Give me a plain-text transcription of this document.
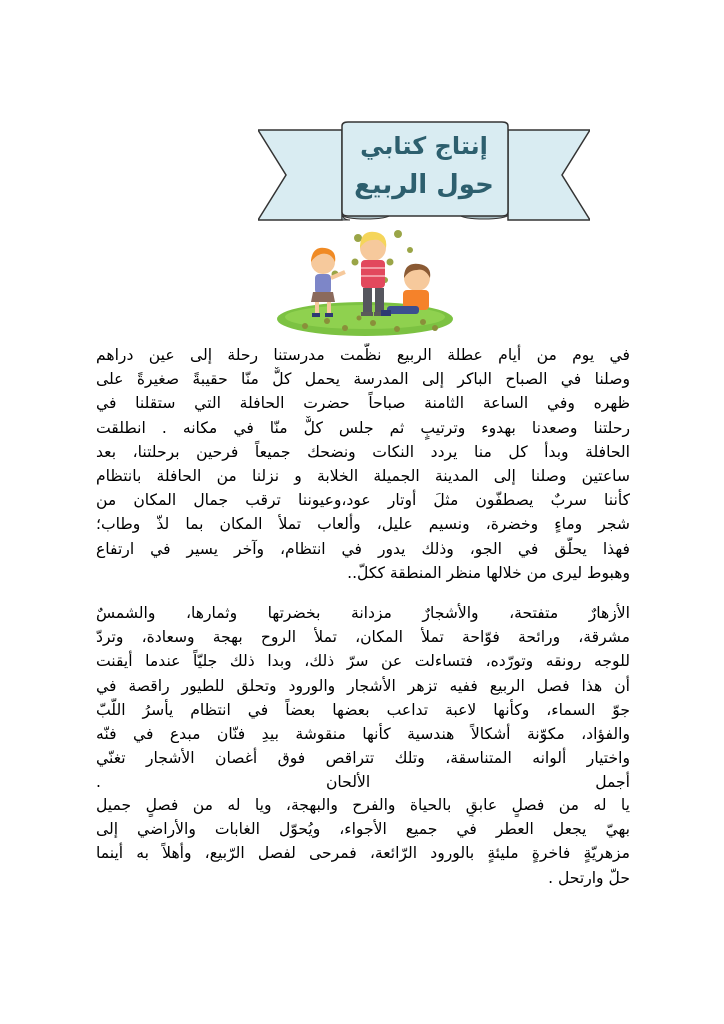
إنتاج كتابي
حول الربيع
في يوم من أيام عطلة الربيع نظّمت مدرستنا رحلة إلى عين دراهم
وصلنا في الصباح الباكر إلى المدرسة يحمل كلٌّ منّا حقيبةً صغيرةً على
ظهره وفي الساعة الثامنة صباحاً حضرت الحافلة التي ستقلنا في
رحلتنا وصعدنا بهدوء وترتيبٍ ثم جلس كلٌّ منّا في مكانه . انطلقت
الحافلة وبدأ كل منا يردد النكات ونضحك جميعاً فرحين برحلتنا، بعد
ساعتين وصلنا إلى المدينة الجميلة الخلابة و نزلنا من الحافلة بانتظام
كأننا سربٌ يصطفّون مثلَ أوتار عود،وعيوننا ترقب جمال المكان من
شجر وماءٍ وخضرة، ونسيم عليل، وألعاب تملأ المكان بما لذّ وطاب؛
فهذا يحلّق في الجو، وذلك يدور في انتظام، وآخر يسير في ارتفاع
وهبوط ليرى من خلالها منظر المنطقة ككلّ..
الأزهارٌ متفتحة، والأشجارٌ مزدانة بخضرتها وثمارها، والشمسٌ
مشرقة، ورائحة فوّاحة تملأ المكان، تملأ الروح بهجة وسعادة، وتردّ
للوجه رونقه وتورّده، فتساءلت عن سرّ ذلك، وبدا ذلك جليّاً عندما أيقنت
أن هذا فصل الربيع ففيه تزهر الأشجار والورود وتحلق للطيور راقصة في
جوّ السماء، وكأنها لاعبة تداعب بعضها بعضاً في انتظام يأسرُ اللّبّ
والفؤاد، مكوّنة أشكالاً هندسية كأنها منقوشة بيدِ فنّان مبدع في فنّه
واختيار ألوانه المتناسقة، وتلك تتراقص فوق أغصان الأشجار تغنّي
أجمل الألحان .
يا له من فصلٍ عابقٍ بالحياة والفرح والبهجة، ويا له من فصلٍ جميل
بهيّ يجعل العطر في جميع الأجواء، ويُحوّل الغابات والأراضي إلى
مزهريّةٍ فاخرةٍ مليئةٍ بالورود الرّائعة، فمرحى لفصل الرّبيع، وأهلاً به أينما
حلّ وارتحل .
